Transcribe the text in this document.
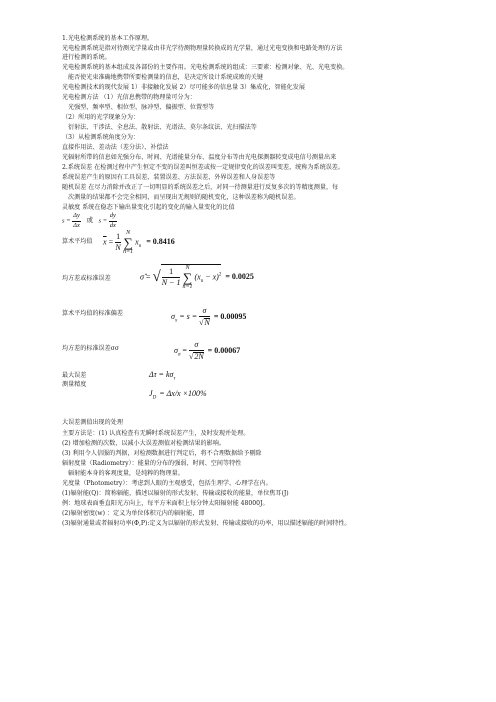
1.光电检测系统的基本工作原理。
光电检测系统是指对待测光学量或由非光学待测物理量转换成的光学量，通过光电变换和电路处理的方法
进行检测的系统。
光电检测系统的基本组成及各部份的主要作用。光电检测系统的组成：三要素：检测对象、光、光电变换。
能否使光束准确地携带所要检测量的信息，是决定所设计系统成败的关键
光电检测技术的现代发展 1）非接触化发展 2）尽可能多的信息量 3）集成化，智能化发展
光电检测方法 （1）光信息携带的物理量可分为：
光强型、频率型、相位型、脉冲型、偏振型、位置型等
（2）所用的光学现象分为：
衍射法、干涉法、全息法、散射法、光谱法、莫尔条纹法、光扫描法等
（3）从检测系统角度分为：
直接作用法、差动法（差分法）、补偿法
光辐射所带的信息如光强分布、时间、光谱能量分布、温度分布等由光电探测器转变成电信号测量出来
2.系统误差 在检测过程中产生恒定不变的误差叫恒差或按一定规律变化的误差叫变差，统称为系统误差。
系统误差产生的原因有工具误差、装置误差、方法误差、外界误差和人身误差等
随机误差 在尽力消除并改正了一切明显的系统误差之后，对同一待测量进行反复多次的等精度测量，每
次测量的结果都不会完全相同，而呈现出无规则的随机变化，这种误差称为随机误差。
灵敏度 系统在稳态下输出量变化引起的变化的输入量变化的比值
$s = \frac{\Delta y}{\Delta x}$ 或 $s = \frac{dy}{dx}$
算术平均值 $\overline{x} = \frac{1}{N}$ N
∑
n=1 $x_n = 0.8416$
均方差或标准误差	σ̂ = √ $\frac{1}{N - 1}$ N
∑
n=1 $(x_n - x)^2 = 0.0025$
算术平均值的标准偏差	$\sigma_x = s = \frac{\sigma}{√N} = 0.00095$
均方差的标准误差σσ	$\sigma_\sigma = \frac{\sigma}{√2N} = 0.00067$
最大误差	$\Delta\tau = k\sigma_\tau$
测量精度
$J_D= \Delta x/x \times 100\%$
大误差测值出现的处理
主要方法是：(1) 认真检查有无瞬时系统误差产生，及时发现并处理。
(2) 增加检测的次数，以减小大误差测值对检测结果的影响。
(3) 利用令人信服的判据，对检测数据进行判定后，将不合理数据给予剔除
辐射度量（Radiometry）：能量的分布的强弱、时间、空间等特性
辐射能本身的客观度量，是纯粹的物理量。
光度量（Photometry）：考虑到人眼的主观感受，包括生理学、心理学在内。
(1)辐射能(Q)：简称辐能，描述以辐射的形式发射、传输或接收的能量，单位焦耳(J)
例：地球表面垂直阳光方向上，每平方米面积上每分钟太阳辐射能 48000J。
(2)辐射密度(w) ：定义为单位体积元内的辐射能，即
(3)辐射通量或者辐射功率(Φ,P):定义为以辐射的形式发射、传输或接收的功率，用以描述辐能的时间特性。
